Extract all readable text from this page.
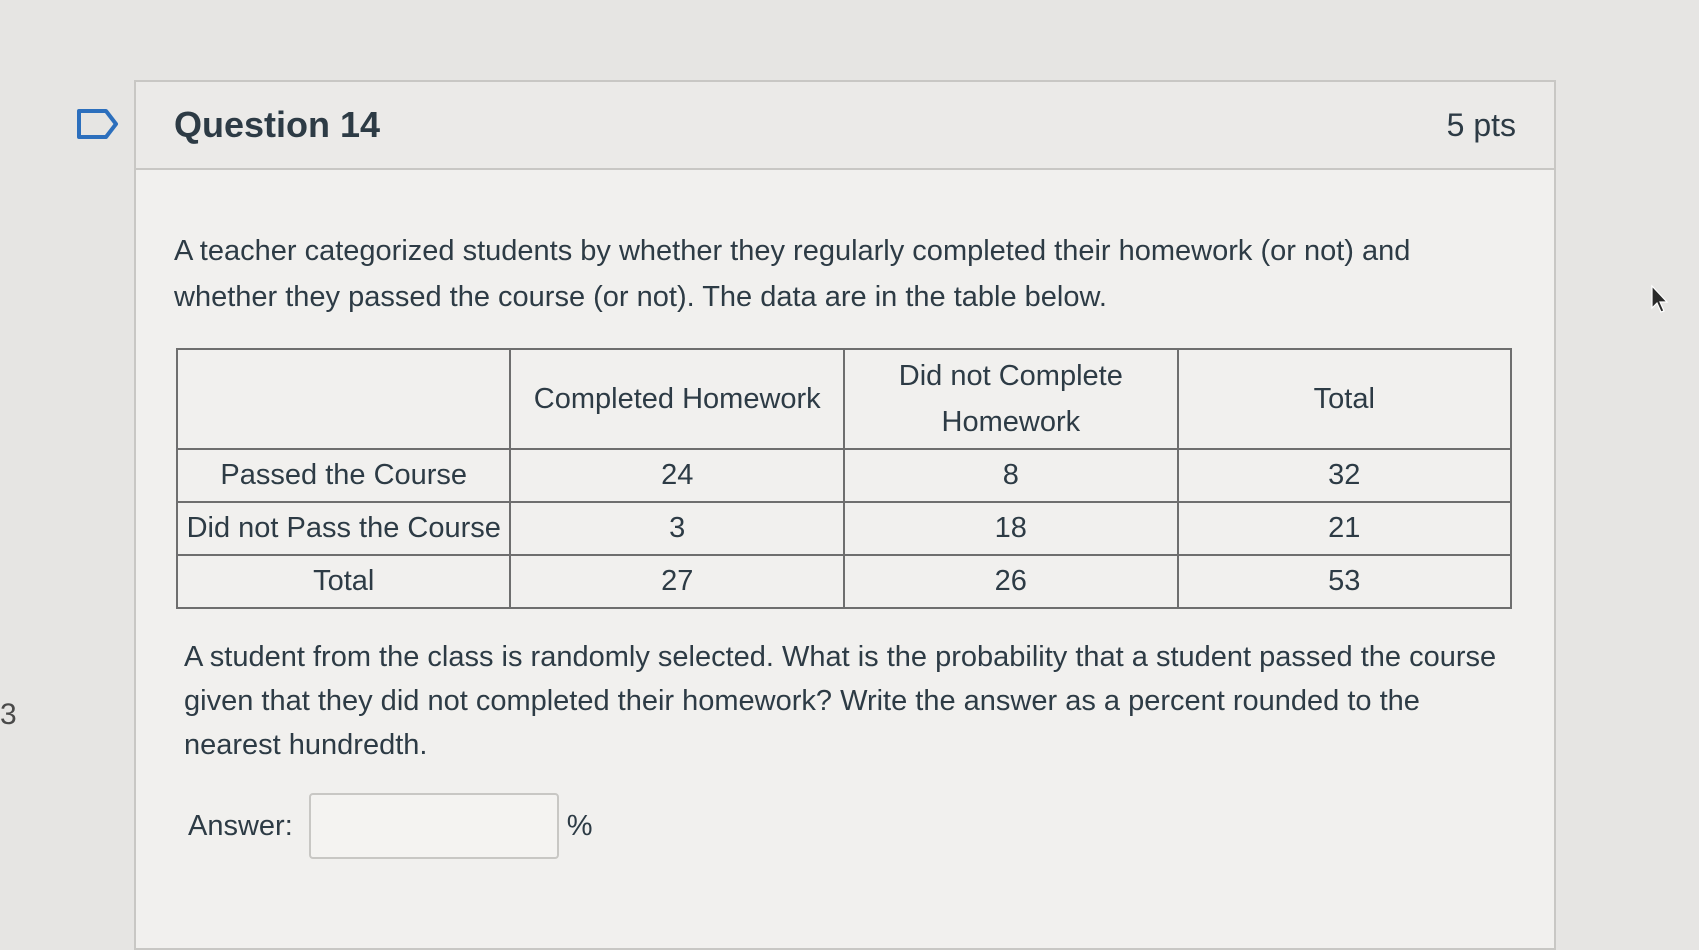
3
Question 14	5 pts

A teacher categorized students by whether they regularly completed their homework (or not) and whether they passed the course (or not). The data are in the table below.

	Completed Homework	Did not Complete Homework	Total
Passed the Course	24	8	32
Did not Pass the Course	3	18	21
Total	27	26	53

A student from the class is randomly selected. What is the probability that a student passed the course given that they did not completed their homework? Write the answer as a percent rounded to the nearest hundredth.

Answer:	%
